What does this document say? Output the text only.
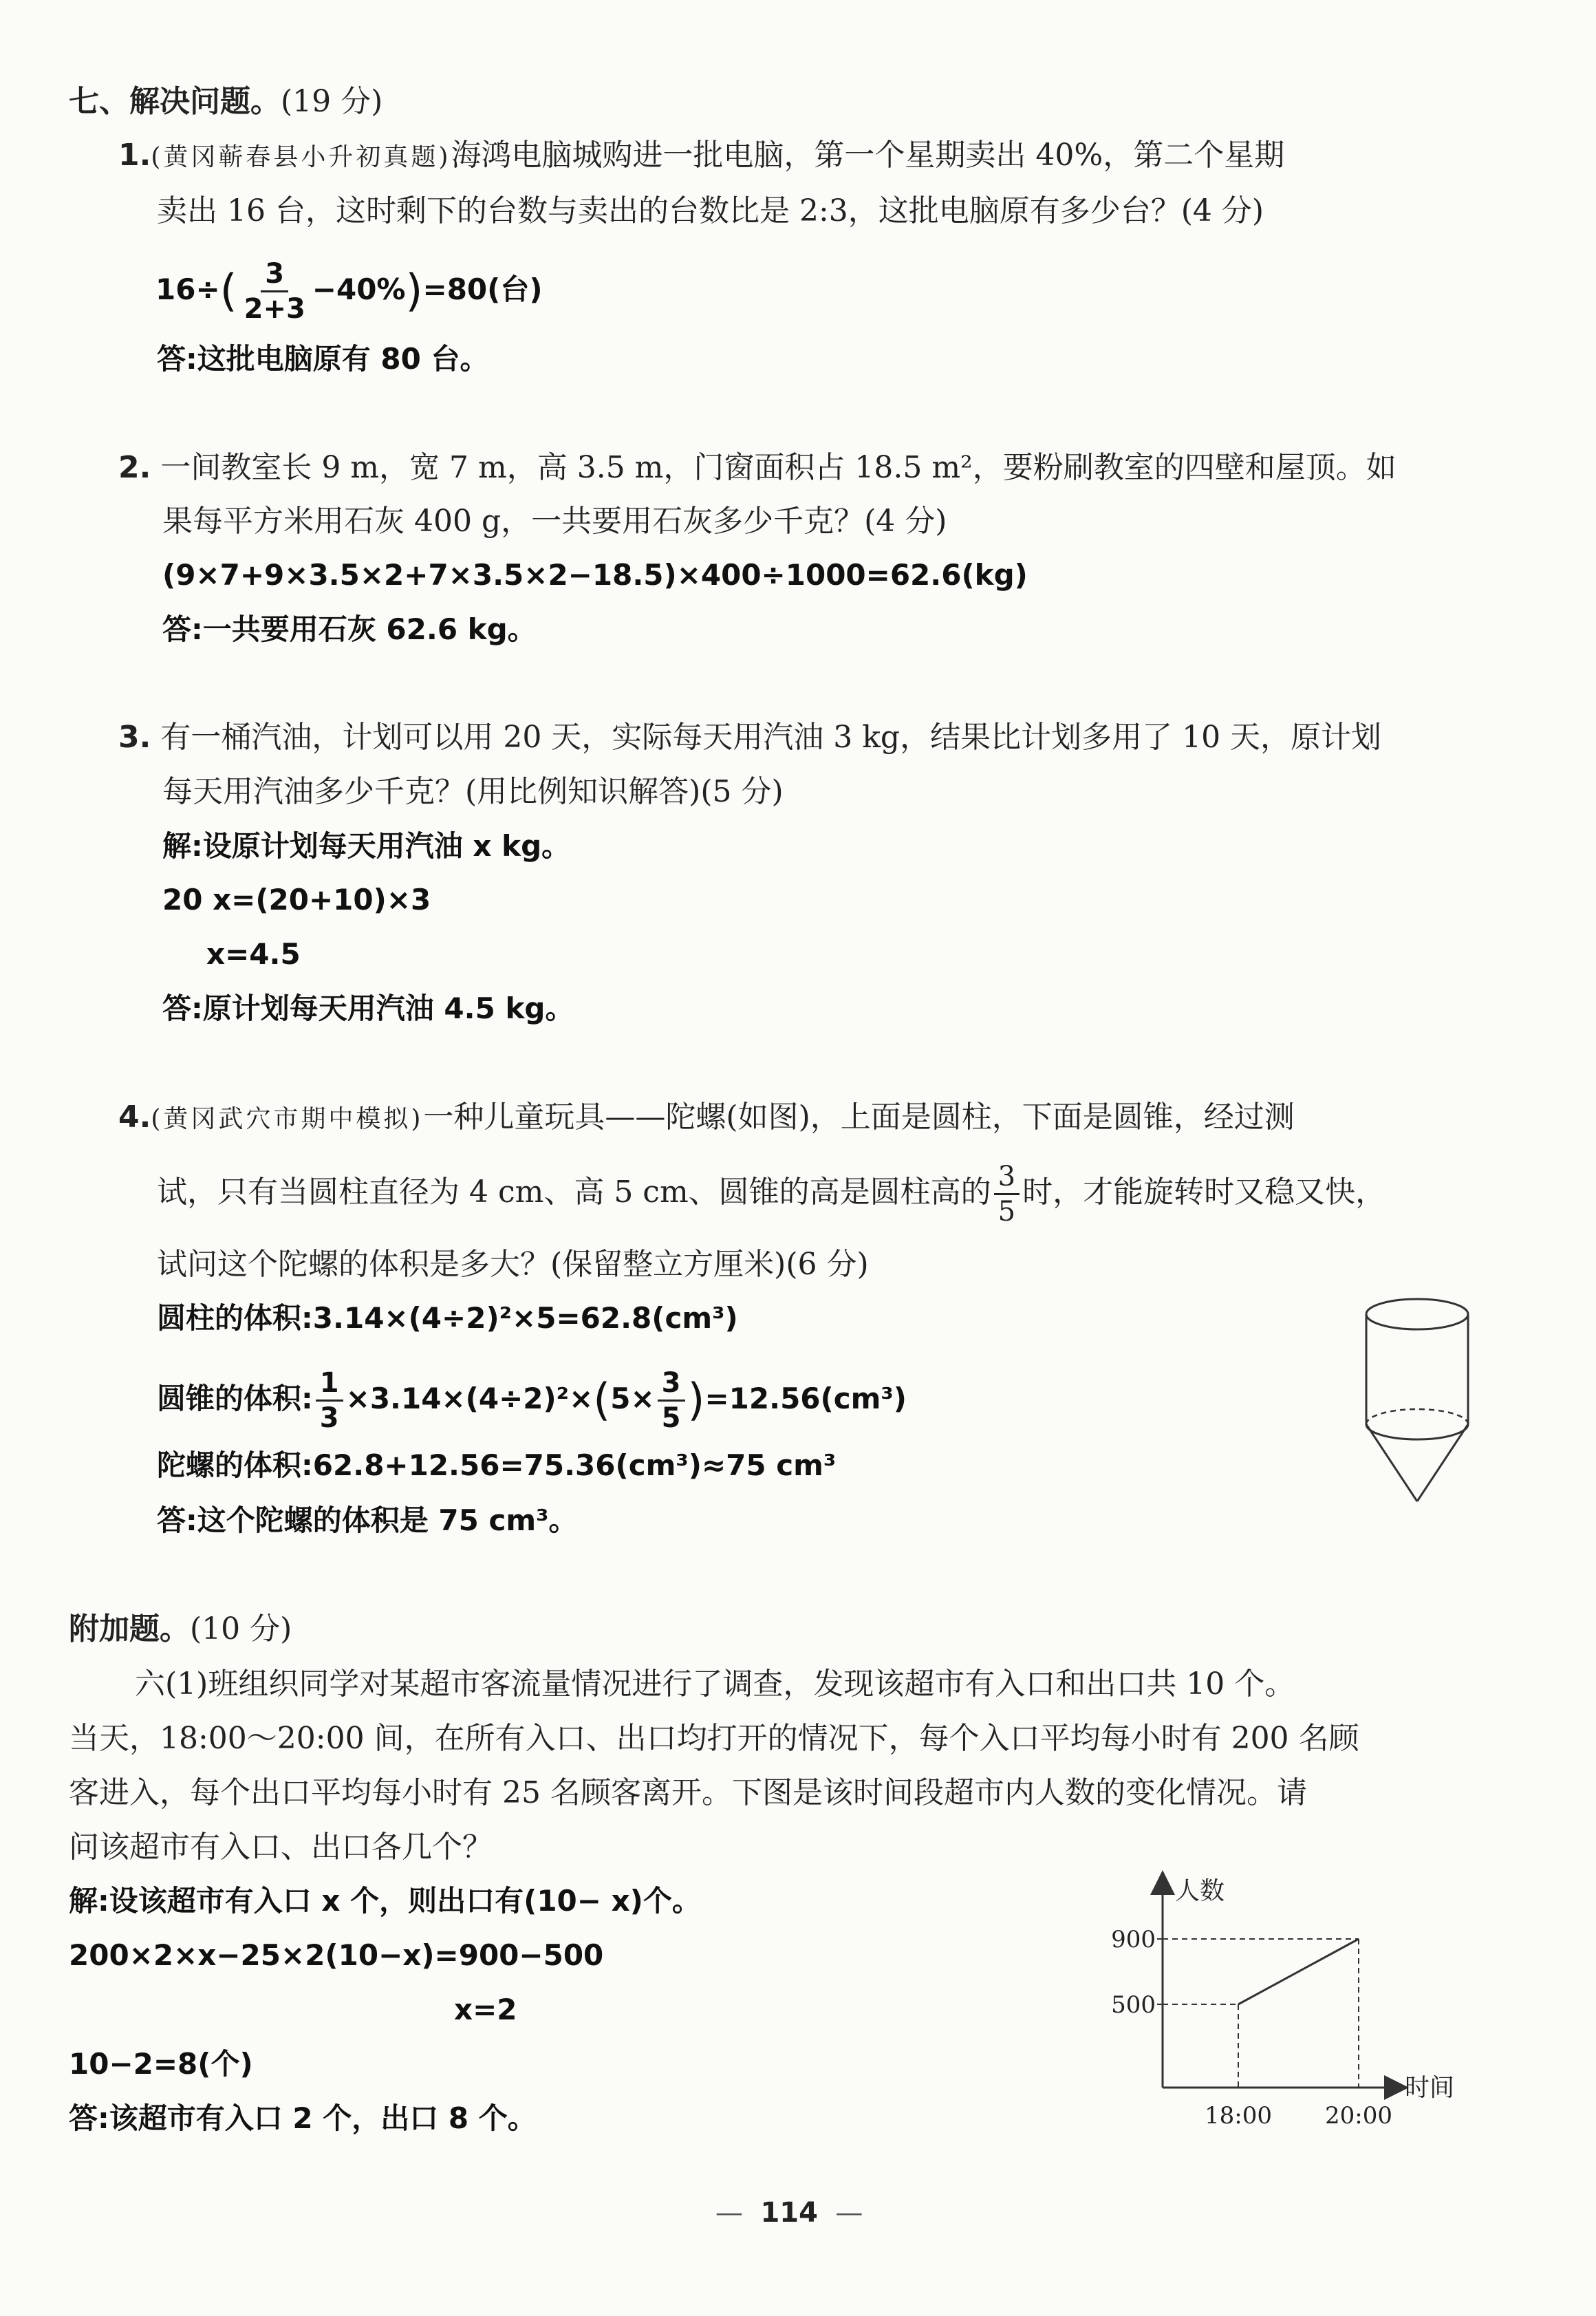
七、解决问题。(19 分)
1.(黄冈蕲春县小升初真题)海鸿电脑城购进一批电脑，第一个星期卖出 40%，第二个星期
卖出 16 台，这时剩下的台数与卖出的台数比是 2:3，这批电脑原有多少台？(4 分)
$16\div( \frac{3}{2+3} -40\%)=80$(台)
答:这批电脑原有 80 台。
2. 一间教室长 9 m，宽 7 m，高 3.5 m，门窗面积占 18.5 m²，要粉刷教室的四壁和屋顶。如
果每平方米用石灰 400 g，一共要用石灰多少千克？(4 分)
(9×7+9×3.5×2+7×3.5×2−18.5)×400÷1000=62.6(kg)
答:一共要用石灰 62.6 kg。
3. 有一桶汽油，计划可以用 20 天，实际每天用汽油 3 kg，结果比计划多用了 10 天，原计划
每天用汽油多少千克？(用比例知识解答)(5 分)
解:设原计划每天用汽油 x kg。
20 x=(20+10)×3
x=4.5
答:原计划每天用汽油 4.5 kg。
4.(黄冈武穴市期中模拟)一种儿童玩具——陀螺(如图)，上面是圆柱，下面是圆锥，经过测
试，只有当圆柱直径为 4 cm、高 5 cm、圆锥的高是圆柱高的 $\frac{3}{5}$ 时，才能旋转时又稳又快，
试问这个陀螺的体积是多大？(保留整立方厘米)(6 分)
圆柱的体积:3.14×(4÷2)²×5=62.8(cm³)
圆锥的体积: $\frac{1}{3} \times 3.14\times(4\div 2)^2\times(5\times \frac{3}{5} )=12.56(cm^3)$
陀螺的体积:62.8+12.56=75.36(cm³)≈75 cm³
答:这个陀螺的体积是 75 cm³。
附加题。(10 分)
六(1)班组织同学对某超市客流量情况进行了调查，发现该超市有入口和出口共 10 个。
当天，18:00～20:00 间，在所有入口、出口均打开的情况下，每个入口平均每小时有 200 名顾
客进入，每个出口平均每小时有 25 名顾客离开。下图是该时间段超市内人数的变化情况。请
问该超市有入口、出口各几个？
解:设该超市有入口 x 个，则出口有(10− x)个。
200×2×x−25×2(10−x)=900−500
x=2
10−2=8(个)
答:该超市有入口 2 个，出口 8 个。
人数
时间
500
18:00
900
20:00
—  114  —
